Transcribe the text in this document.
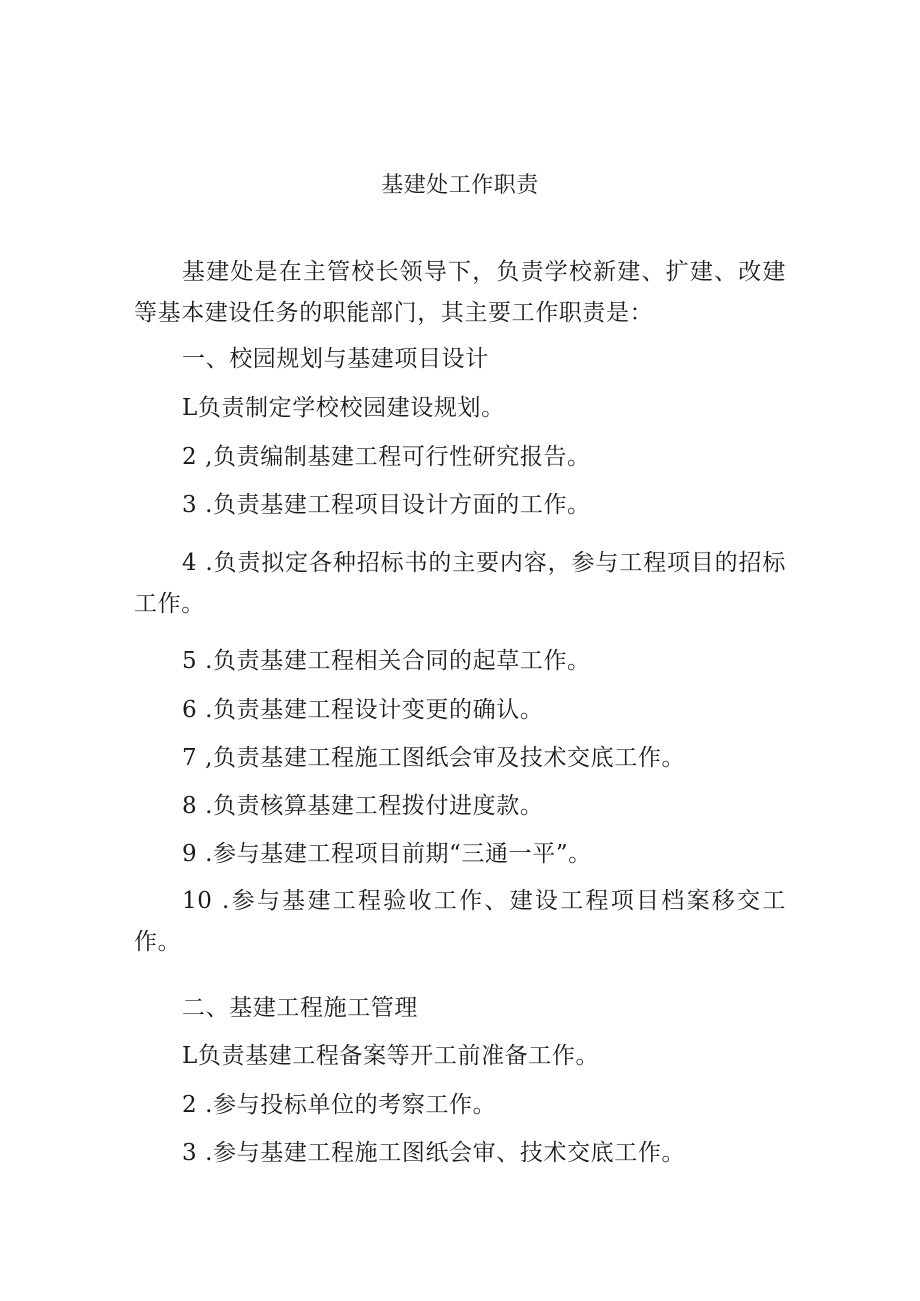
基建处工作职责
基建处是在主管校长领导下，负责学校新建、扩建、改建等基本建设任务的职能部门，其主要工作职责是：
一、校园规划与基建项目设计
L负责制定学校校园建设规划。
2 ,负责编制基建工程可行性研究报告。
3 .负责基建工程项目设计方面的工作。
4 .负责拟定各种招标书的主要内容，参与工程项目的招标工作。
5 .负责基建工程相关合同的起草工作。
6 .负责基建工程设计变更的确认。
7 ,负责基建工程施工图纸会审及技术交底工作。
8 .负责核算基建工程拨付进度款。
9 .参与基建工程项目前期“三通一平”。
10 .参与基建工程验收工作、建设工程项目档案移交工作。
二、基建工程施工管理
L负责基建工程备案等开工前准备工作。
2 .参与投标单位的考察工作。
3 .参与基建工程施工图纸会审、技术交底工作。
